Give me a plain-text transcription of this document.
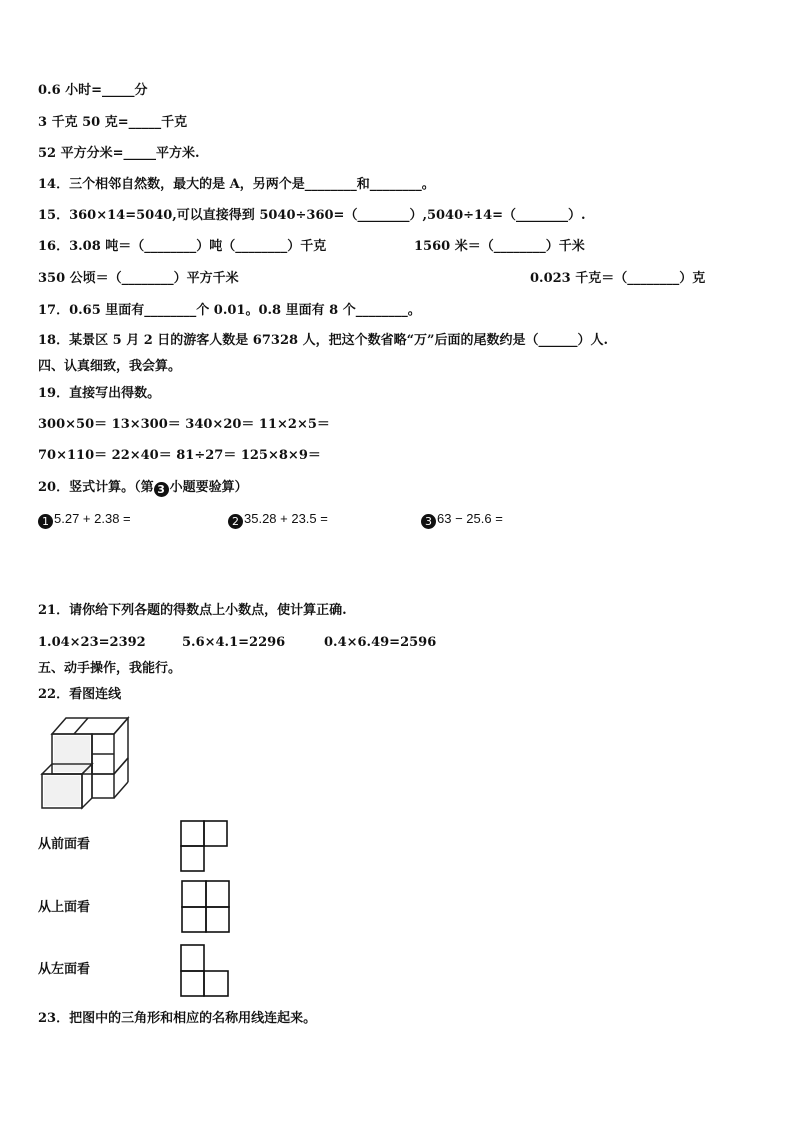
0.6 小时=_____分
3 千克 50 克=_____千克
52 平方分米=_____平方米.
14．三个相邻自然数，最大的是 A，另两个是________和________。
15．360×14=5040,可以直接得到 5040÷360=（________）,5040÷14=（________）.
16．3.08 吨＝（________）吨（________）千克	1560 米＝（________）千米
350 公顷＝（________）平方千米	0.023 千克＝（________）克
17．0.65 里面有________个 0.01。0.8 里面有 8 个________。
18．某景区 5 月 2 日的游客人数是 67328 人，把这个数省略“万”后面的尾数约是（______）人.
四、认真细致，我会算。
19．直接写出得数。
300×50＝ 13×300＝ 340×20＝ 11×2×5＝
70×110＝ 22×40＝ 81÷27＝ 125×8×9＝
20．竖式计算。（第 3 小题要验算）
1 5.27 + 2.38 =	2 35.28 + 23.5 =	3 63 − 25.6 =
21．请你给下列各题的得数点上小数点，使计算正确.
1.04×23=2392	5.6×4.1=2296	0.4×6.49=2596
五、动手操作，我能行。
22．看图连线
从前面看
从上面看
从左面看
23．把图中的三角形和相应的名称用线连起来。
